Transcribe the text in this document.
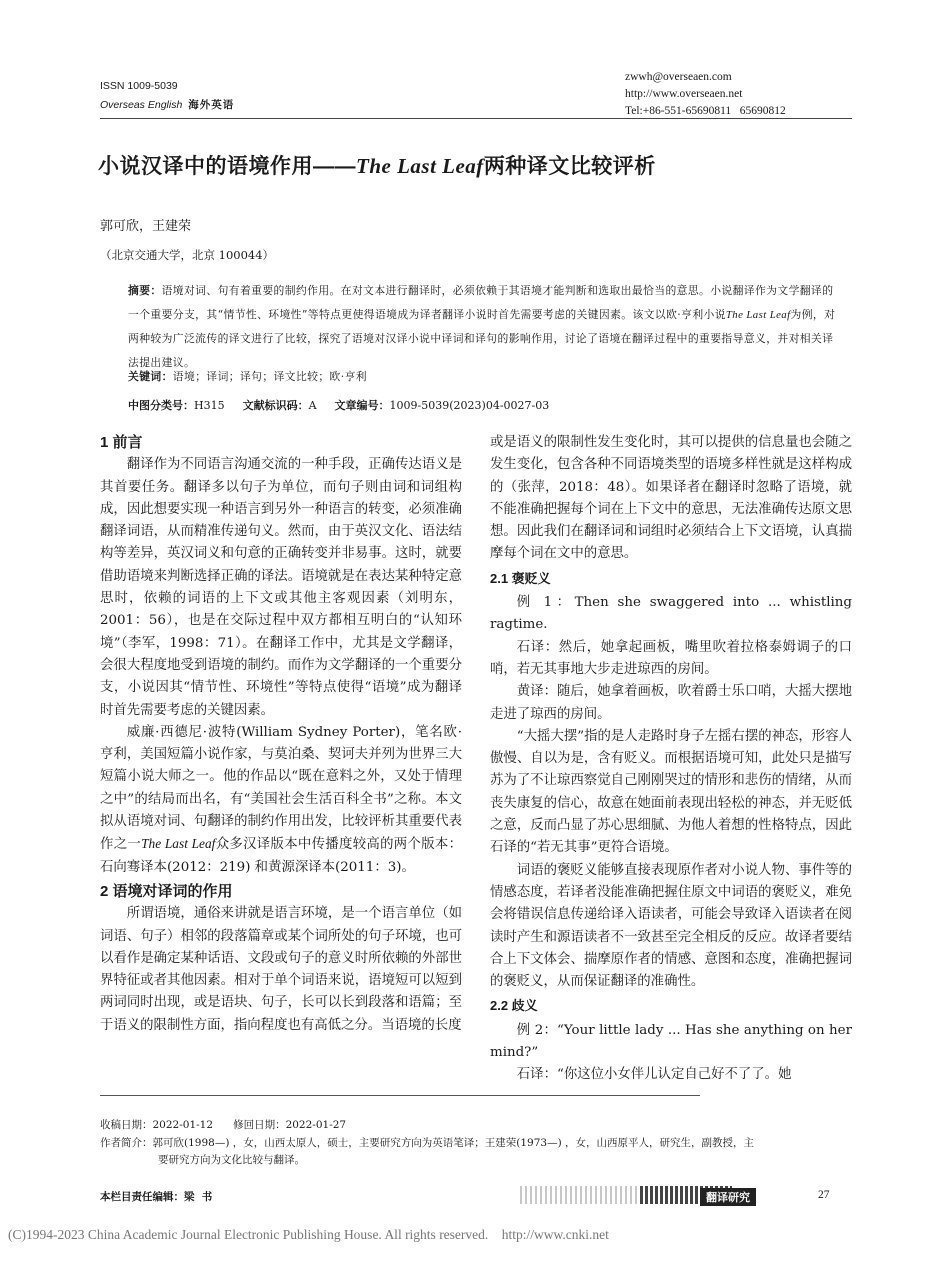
ISSN 1009-5039
Overseas English 海外英语
zwwh@overseaen.com
http://www.overseaen.net
Tel:+86-551-65690811   65690812
小说汉译中的语境作用——The Last Leaf两种译文比较评析
郭可欣，王建荣
（北京交通大学，北京 100044）
摘要：语境对词、句有着重要的制约作用。在对文本进行翻译时，必须依赖于其语境才能判断和选取出最恰当的意思。小说翻译作为文学翻译的一个重要分支，其“情节性、环境性”等特点更使得语境成为译者翻译小说时首先需要考虑的关键因素。该文以欧·亨利小说The Last Leaf为例，对两种较为广泛流传的译文进行了比较，探究了语境对汉译小说中译词和译句的影响作用，讨论了语境在翻译过程中的重要指导意义，并对相关译法提出建议。
关键词：语境；译词；译句；译文比较；欧·亨利
中图分类号：H315 文献标识码：A 文章编号：1009-5039(2023)04-0027-03
1 前言

翻译作为不同语言沟通交流的一种手段，正确传达语义是其首要任务。翻译多以句子为单位，而句子则由词和词组构成，因此想要实现一种语言到另外一种语言的转变，必须准确翻译词语，从而精准传递句义。然而，由于英汉文化、语法结构等差异，英汉词义和句意的正确转变并非易事。这时，就要借助语境来判断选择正确的译法。语境就是在表达某种特定意思时，依赖的词语的上下文或其他主客观因素（刘明东，2001：56），也是在交际过程中双方都相互明白的“认知环境”（李军，1998：71）。在翻译工作中，尤其是文学翻译，会很大程度地受到语境的制约。而作为文学翻译的一个重要分支，小说因其“情节性、环境性”等特点使得“语境”成为翻译时首先需要考虑的关键因素。

威廉·西德尼·波特(William Sydney Porter)，笔名欧·亨利，美国短篇小说作家，与莫泊桑、契诃夫并列为世界三大短篇小说大师之一。他的作品以“既在意料之外，又处于情理之中”的结局而出名，有“美国社会生活百科全书”之称。本文拟从语境对词、句翻译的制约作用出发，比较评析其重要代表作之一The Last Leaf众多汉译版本中传播度较高的两个版本：石向骞译本(2012：219) 和黄源深译本(2011：3)。

2 语境对译词的作用

所谓语境，通俗来讲就是语言环境，是一个语言单位（如词语、句子）相邻的段落篇章或某个词所处的句子环境，也可以看作是确定某种话语、文段或句子的意义时所依赖的外部世界特征或者其他因素。相对于单个词语来说，语境短可以短到两词同时出现，或是语块、句子，长可以长到段落和语篇；至于语义的限制性方面，指向程度也有高低之分。当语境的长度

或是语义的限制性发生变化时，其可以提供的信息量也会随之发生变化，包含各种不同语境类型的语境多样性就是这样构成的（张萍，2018：48）。如果译者在翻译时忽略了语境，就不能准确把握每个词在上下文中的意思，无法准确传达原文思想。因此我们在翻译词和词组时必须结合上下文语境，认真揣摩每个词在文中的意思。

2.1 褒贬义

例 1：Then she swaggered into ... whistling ragtime.

石译：然后，她拿起画板，嘴里吹着拉格泰姆调子的口哨，若无其事地大步走进琼西的房间。

黄译：随后，她拿着画板，吹着爵士乐口哨，大摇大摆地走进了琼西的房间。

“大摇大摆”指的是人走路时身子左摇右摆的神态，形容人傲慢、自以为是，含有贬义。而根据语境可知，此处只是描写苏为了不让琼西察觉自己刚刚哭过的情形和悲伤的情绪，从而丧失康复的信心，故意在她面前表现出轻松的神态，并无贬低之意，反而凸显了苏心思细腻、为他人着想的性格特点，因此石译的“若无其事”更符合语境。

词语的褒贬义能够直接表现原作者对小说人物、事件等的情感态度，若译者没能准确把握住原文中词语的褒贬义，难免会将错误信息传递给译入语读者，可能会导致译入语读者在阅读时产生和源语读者不一致甚至完全相反的反应。故译者要结合上下文体会、揣摩原作者的情感、意图和态度，准确把握词的褒贬义，从而保证翻译的准确性。

2.2 歧义

例 2：“Your little lady ... Has she anything on her mind?”

石译：“你这位小女伴儿认定自己好不了了。她

收稿日期：2022-01-12      修回日期：2022-01-27
作者简介：郭可欣(1998—) ，女，山西太原人，硕士，主要研究方向为英语笔译；王建荣(1973—) ，女，山西原平人，研究生，副教授，主
要研究方向为文化比较与翻译。
本栏目责任编辑：梁  书	翻译研究	27
(C)1994-2023 China Academic Journal Electronic Publishing House. All rights reserved.    http://www.cnki.net
